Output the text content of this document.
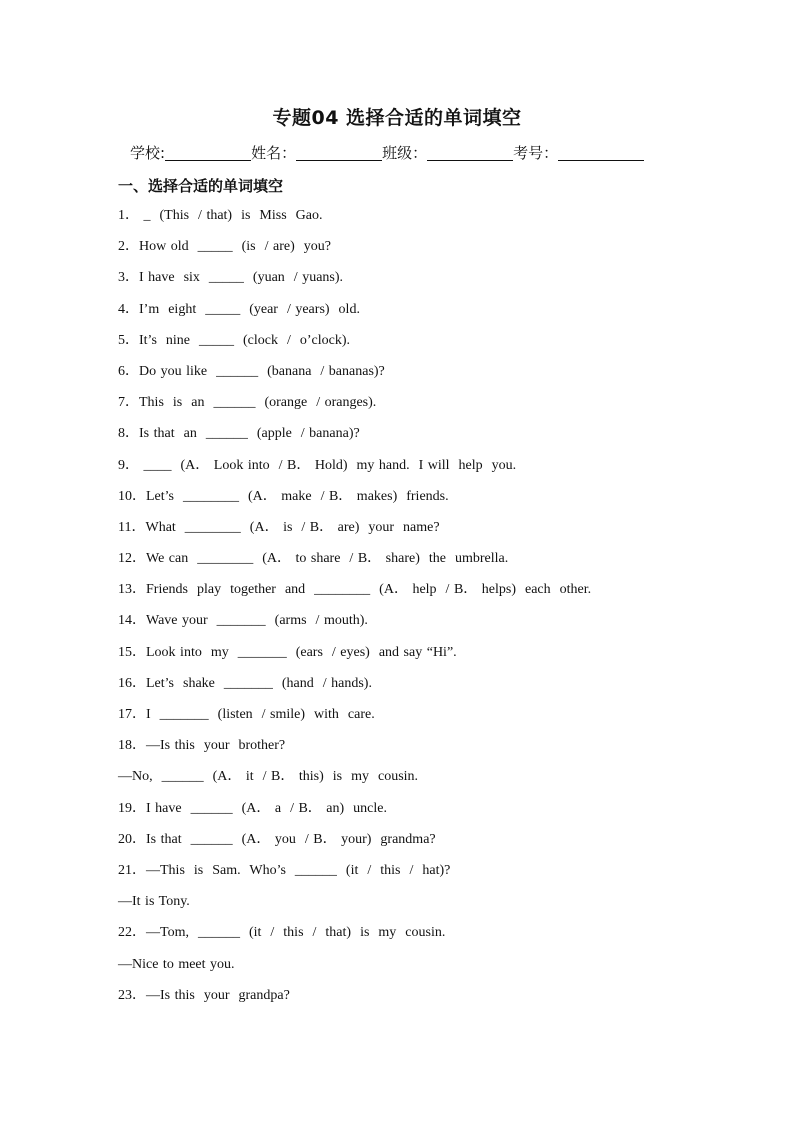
专题04 选择合适的单词填空
学校:	姓名：	班级：	考号：
一、选择合适的单词填空
1． _  (This  / that)  is  Miss  Gao.
2．How old  _____  (is  / are)  you?
3．I have  six  _____  (yuan  / yuans).
4．I’m  eight  _____  (year  / years)  old.
5．It’s  nine  _____  (clock  /  o’clock).
6．Do you like  ______  (banana  / bananas)?
7．This  is  an  ______  (orange  / oranges).
8．Is that  an  ______  (apple  / banana)?
9． ____  (A． Look into  / B． Hold)  my hand.  I will  help  you.
10．Let’s  ________  (A． make  / B． makes)  friends.
11．What  ________  (A． is  / B． are)  your  name?
12．We can  ________  (A． to share  / B． share)  the  umbrella.
13．Friends  play  together  and  ________  (A． help  / B． helps)  each  other.
14．Wave your  _______  (arms  / mouth).
15．Look into  my  _______  (ears  / eyes)  and say “Hi”.
16．Let’s  shake  _______  (hand  / hands).
17．I  _______  (listen  / smile)  with  care.
18．—Is this  your  brother?
—No,  ______  (A． it  / B． this)  is  my  cousin.
19．I have  ______  (A． a  / B． an)  uncle.
20．Is that  ______  (A． you  / B． your)  grandma?
21．—This  is  Sam.  Who’s  ______  (it  /  this  /  hat)?
—It is Tony.
22．—Tom,  ______  (it  /  this  /  that)  is  my  cousin.
—Nice to meet you.
23．—Is this  your  grandpa?
